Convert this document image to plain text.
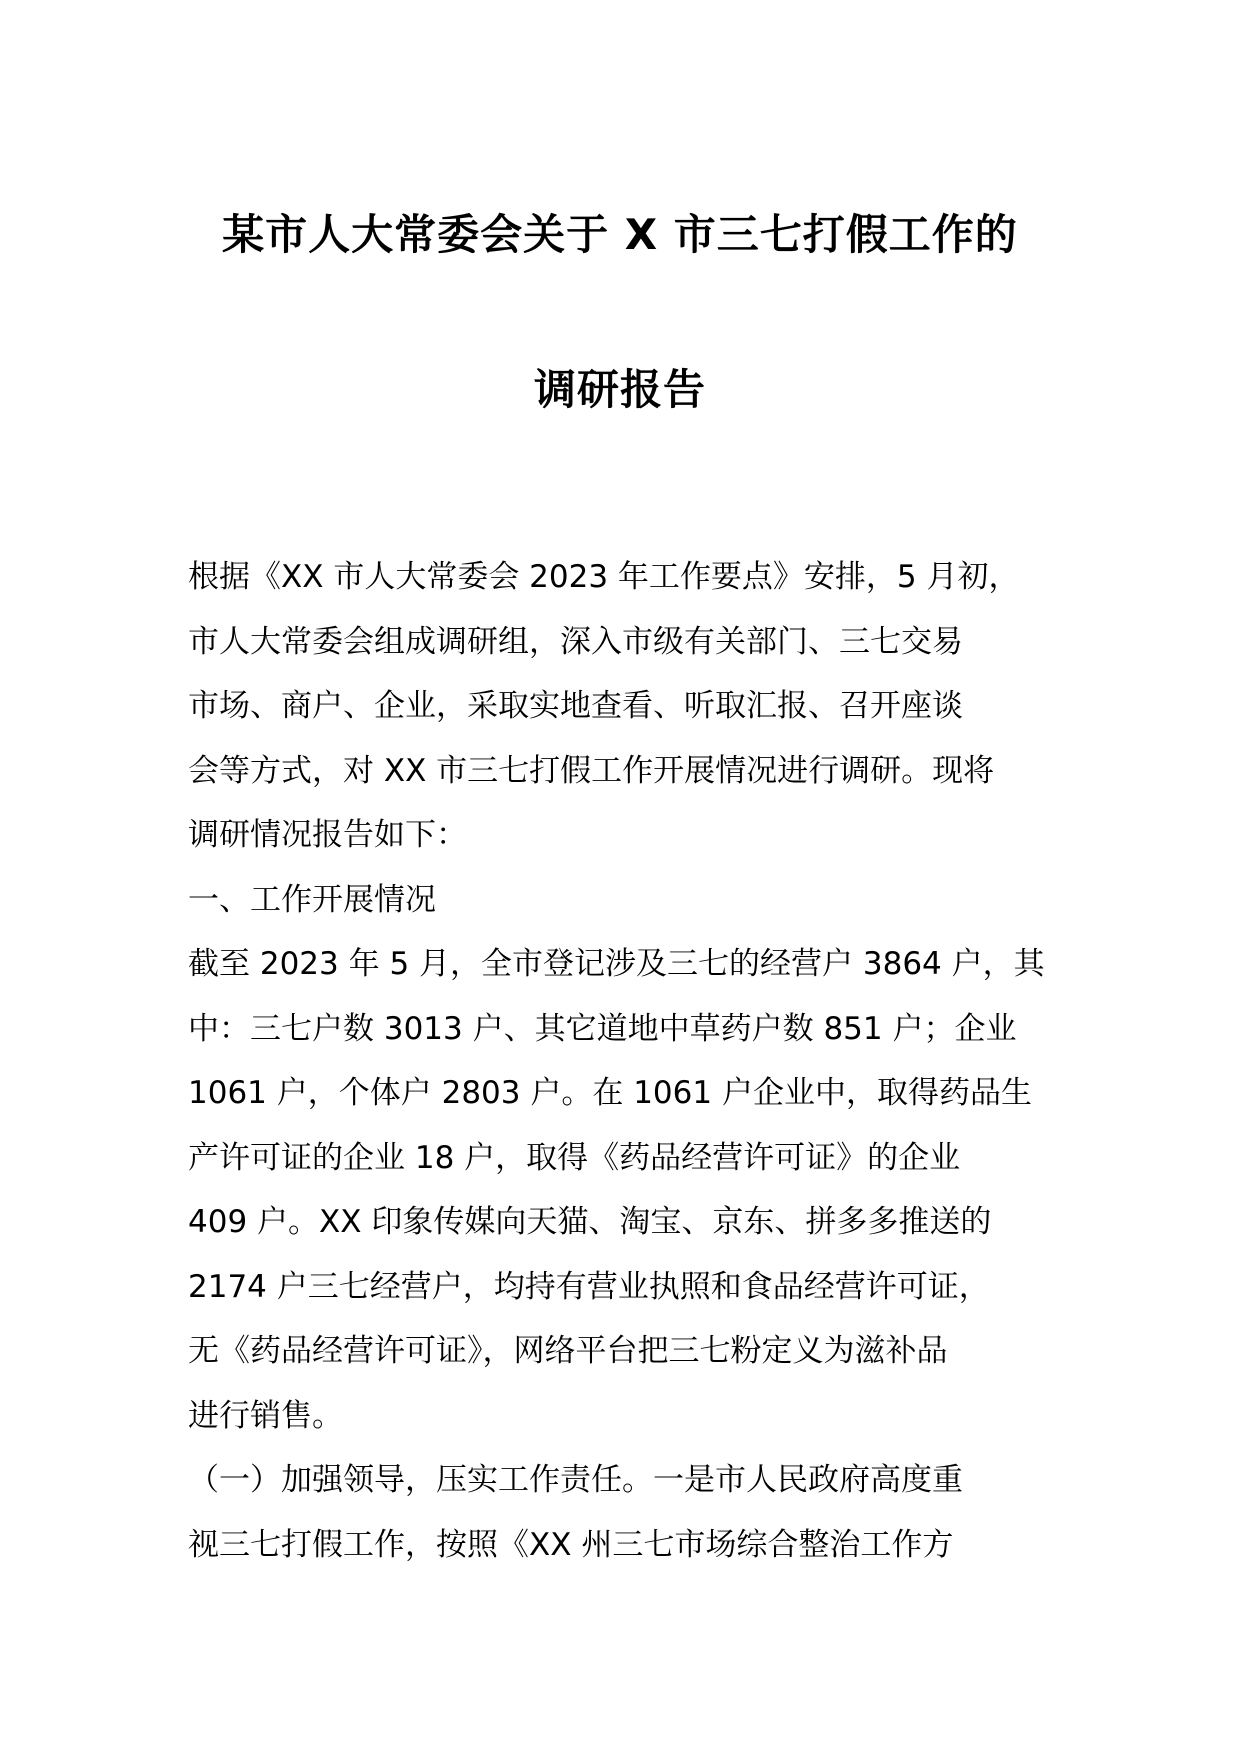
某市人大常委会关于 X 市三七打假工作的
调研报告
根据《XX 市人大常委会 2023 年工作要点》安排，5 月初，
市人大常委会组成调研组，深入市级有关部门、三七交易
市场、商户、企业，采取实地查看、听取汇报、召开座谈
会等方式，对 XX 市三七打假工作开展情况进行调研。现将
调研情况报告如下：
一、工作开展情况
截至 2023 年 5 月，全市登记涉及三七的经营户 3864 户，其
中：三七户数 3013 户、其它道地中草药户数 851 户；企业
1061 户，个体户 2803 户。在 1061 户企业中，取得药品生
产许可证的企业 18 户，取得《药品经营许可证》的企业
409 户。XX 印象传媒向天猫、淘宝、京东、拼多多推送的
2174 户三七经营户，均持有营业执照和食品经营许可证，
无《药品经营许可证》，网络平台把三七粉定义为滋补品
进行销售。
（一）加强领导，压实工作责任。一是市人民政府高度重
视三七打假工作，按照《XX 州三七市场综合整治工作方
